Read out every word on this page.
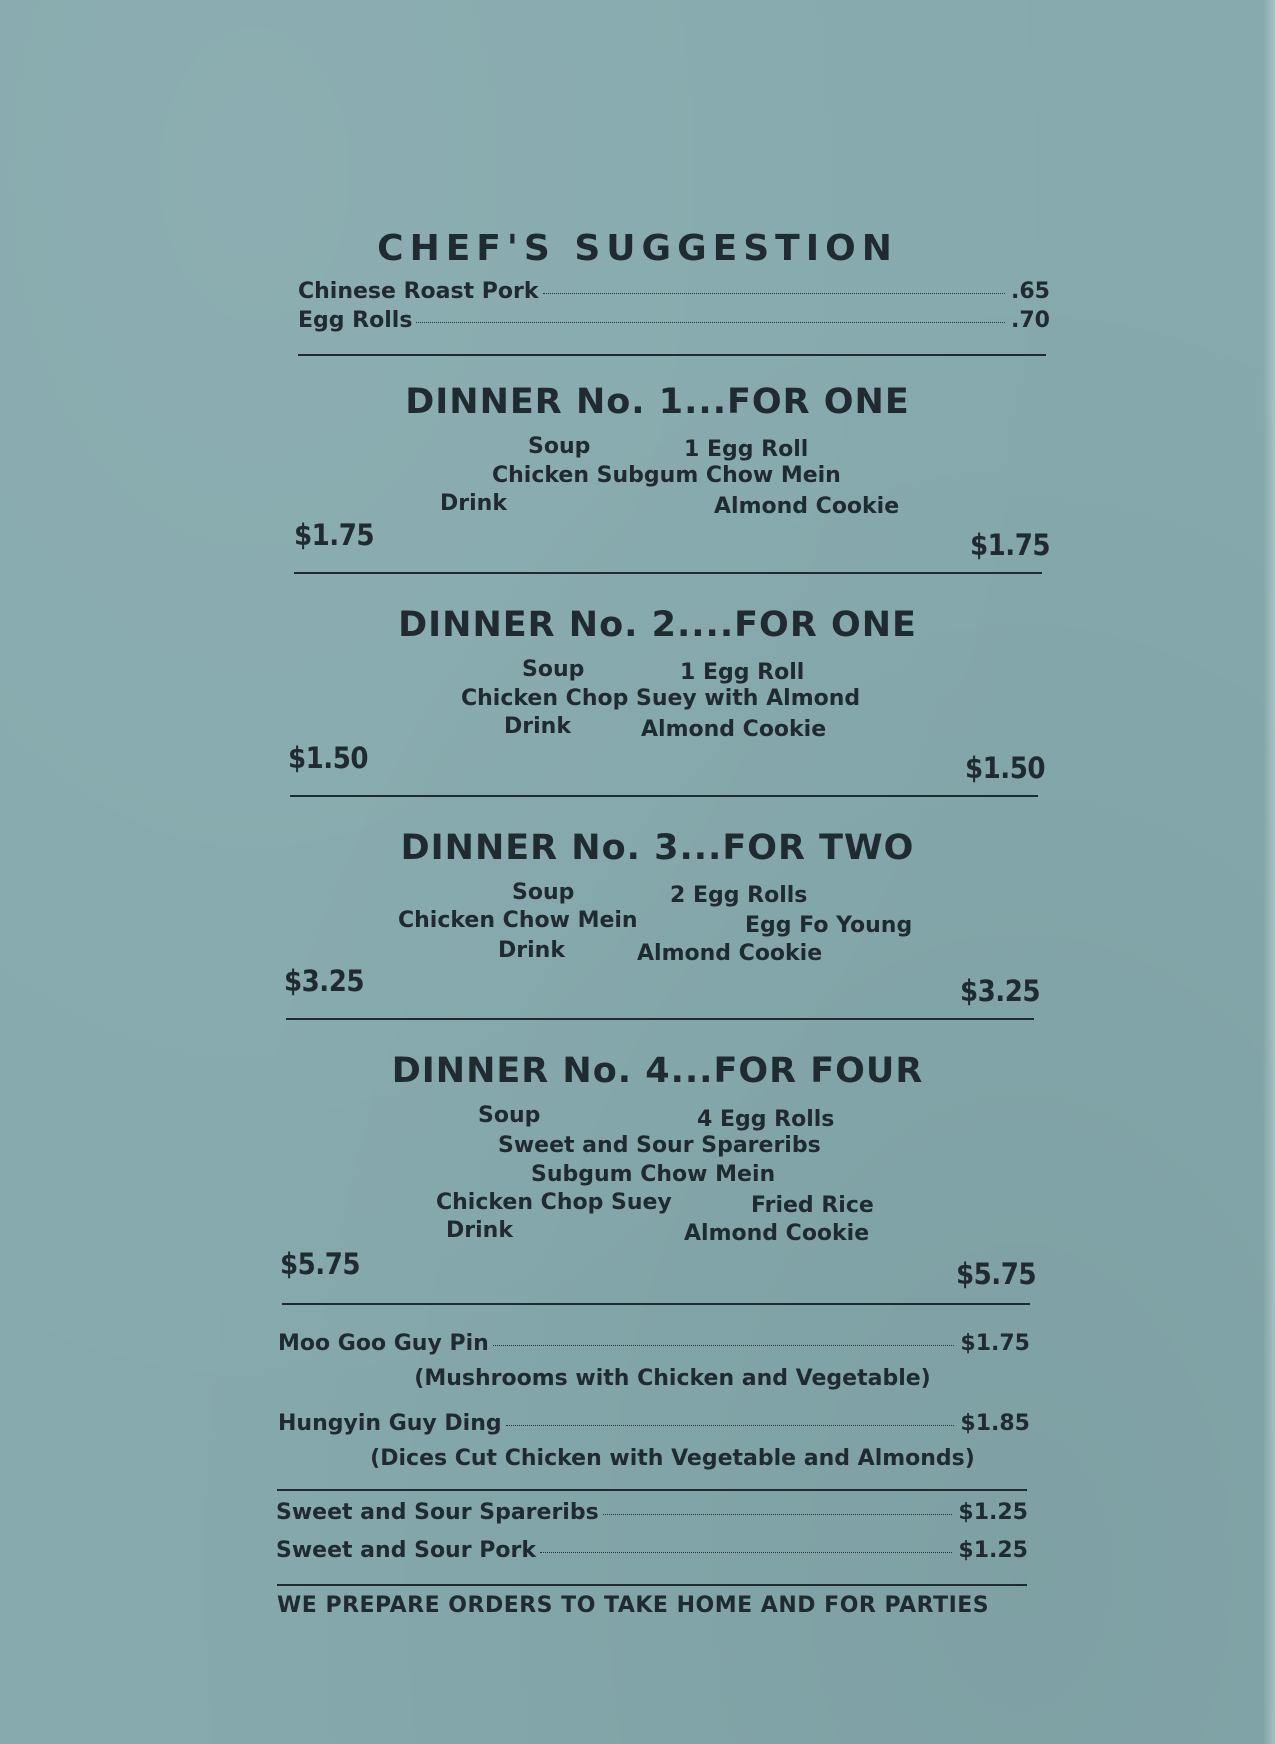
CHEF'S SUGGESTION
Chinese Roast Pork	.65
Egg Rolls	.70
DINNER No. 1...FOR ONE
Soup	1 Egg Roll
Chicken Subgum Chow Mein
Drink	Almond Cookie
$1.75	$1.75
DINNER No. 2....FOR ONE
Soup	1 Egg Roll
Chicken Chop Suey with Almond
Drink	Almond Cookie
$1.50	$1.50
DINNER No. 3...FOR TWO
Soup	2 Egg Rolls
Chicken Chow Mein	Egg Fo Young
Drink	Almond Cookie
$3.25	$3.25
DINNER No. 4...FOR FOUR
Soup	4 Egg Rolls
Sweet and Sour Spareribs
Subgum Chow Mein
Chicken Chop Suey	Fried Rice
Drink	Almond Cookie
$5.75	$5.75
Moo Goo Guy Pin	$1.75
(Mushrooms with Chicken and Vegetable)
Hungyin Guy Ding	$1.85
(Dices Cut Chicken with Vegetable and Almonds)
Sweet and Sour Spareribs	$1.25
Sweet and Sour Pork	$1.25
WE PREPARE ORDERS TO TAKE HOME AND FOR PARTIES
